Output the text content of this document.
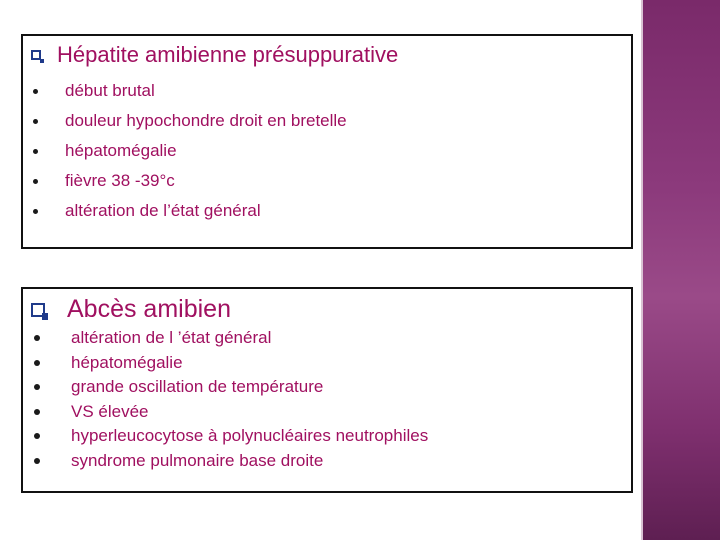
Hépatite amibienne présuppurative
début brutal
douleur hypochondre droit en bretelle
hépatomégalie
fièvre 38 -39°c
altération de l’état général
Abcès amibien
altération de l ’état général
hépatomégalie
grande oscillation de température
VS élevée
hyperleucocytose à polynucléaires neutrophiles
syndrome pulmonaire base droite
